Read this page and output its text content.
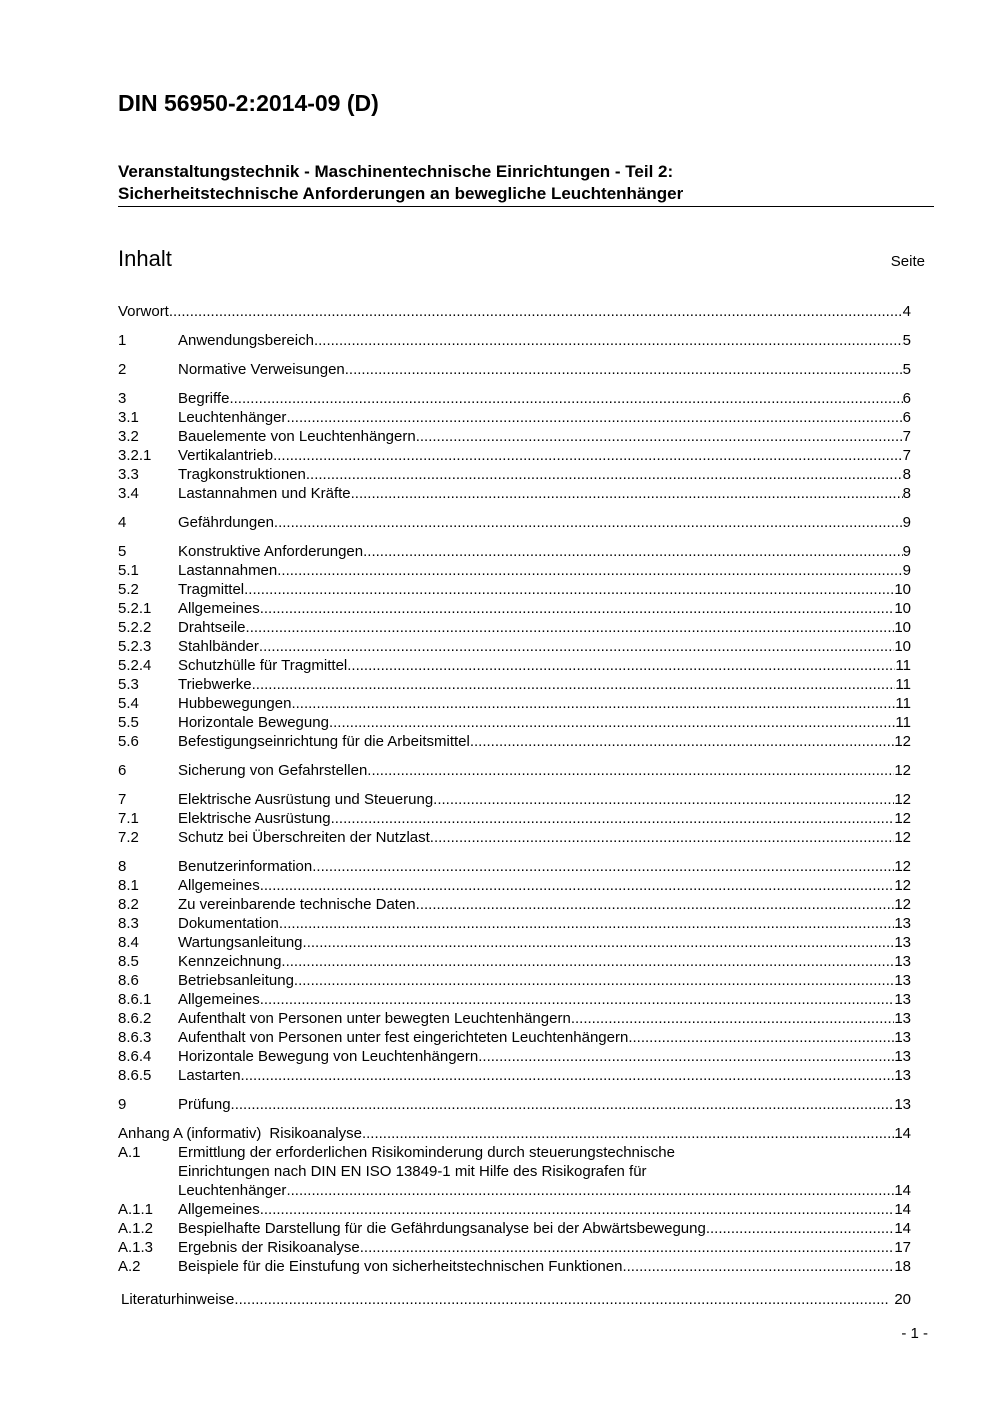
DIN 56950-2:2014-09 (D)
Veranstaltungstechnik - Maschinentechnische Einrichtungen - Teil 2:
Sicherheitstechnische Anforderungen an bewegliche Leuchtenhänger
Inhalt	Seite
Vorwort .....	4
1	Anwendungsbereich .....	5
2	Normative Verweisungen .....	5
3	Begriffe .....	6
3.1	Leuchtenhänger .....	6
3.2	Bauelemente von Leuchtenhängern .....	7
3.2.1	Vertikalantrieb .....	7
3.3	Tragkonstruktionen .....	8
3.4	Lastannahmen und Kräfte .....	8
4	Gefährdungen .....	9
5	Konstruktive Anforderungen .....	9
5.1	Lastannahmen .....	9
5.2	Tragmittel .....	10
5.2.1	Allgemeines .....	10
5.2.2	Drahtseile .....	10
5.2.3	Stahlbänder .....	10
5.2.4	Schutzhülle für Tragmittel .....	11
5.3	Triebwerke .....	11
5.4	Hubbewegungen .....	11
5.5	Horizontale Bewegung .....	11
5.6	Befestigungseinrichtung für die Arbeitsmittel .....	12
6	Sicherung von Gefahrstellen .....	12
7	Elektrische Ausrüstung und Steuerung .....	12
7.1	Elektrische Ausrüstung .....	12
7.2	Schutz bei Überschreiten der Nutzlast .....	12
8	Benutzerinformation .....	12
8.1	Allgemeines .....	12
8.2	Zu vereinbarende technische Daten .....	12
8.3	Dokumentation .....	13
8.4	Wartungsanleitung .....	13
8.5	Kennzeichnung .....	13
8.6	Betriebsanleitung .....	13
8.6.1	Allgemeines .....	13
8.6.2	Aufenthalt von Personen unter bewegten Leuchtenhängern .....	13
8.6.3	Aufenthalt von Personen unter fest eingerichteten Leuchtenhängern .....	13
8.6.4	Horizontale Bewegung von Leuchtenhängern .....	13
8.6.5	Lastarten .....	13
9	Prüfung .....	13
Anhang A (informativ) Risikoanalyse .....	14
A.1	Ermittlung der erforderlichen Risikominderung durch steuerungstechnische
Einrichtungen nach DIN EN ISO 13849-1 mit Hilfe des Risikografen für
Leuchtenhänger .....	14
A.1.1	Allgemeines .....	14
A.1.2	Bespielhafte Darstellung für die Gefährdungsanalyse bei der Abwärtsbewegung .....	14
A.1.3	Ergebnis der Risikoanalyse .....	17
A.2	Beispiele für die Einstufung von sicherheitstechnischen Funktionen .....	18
Literaturhinweise .....	20
- 1 -
